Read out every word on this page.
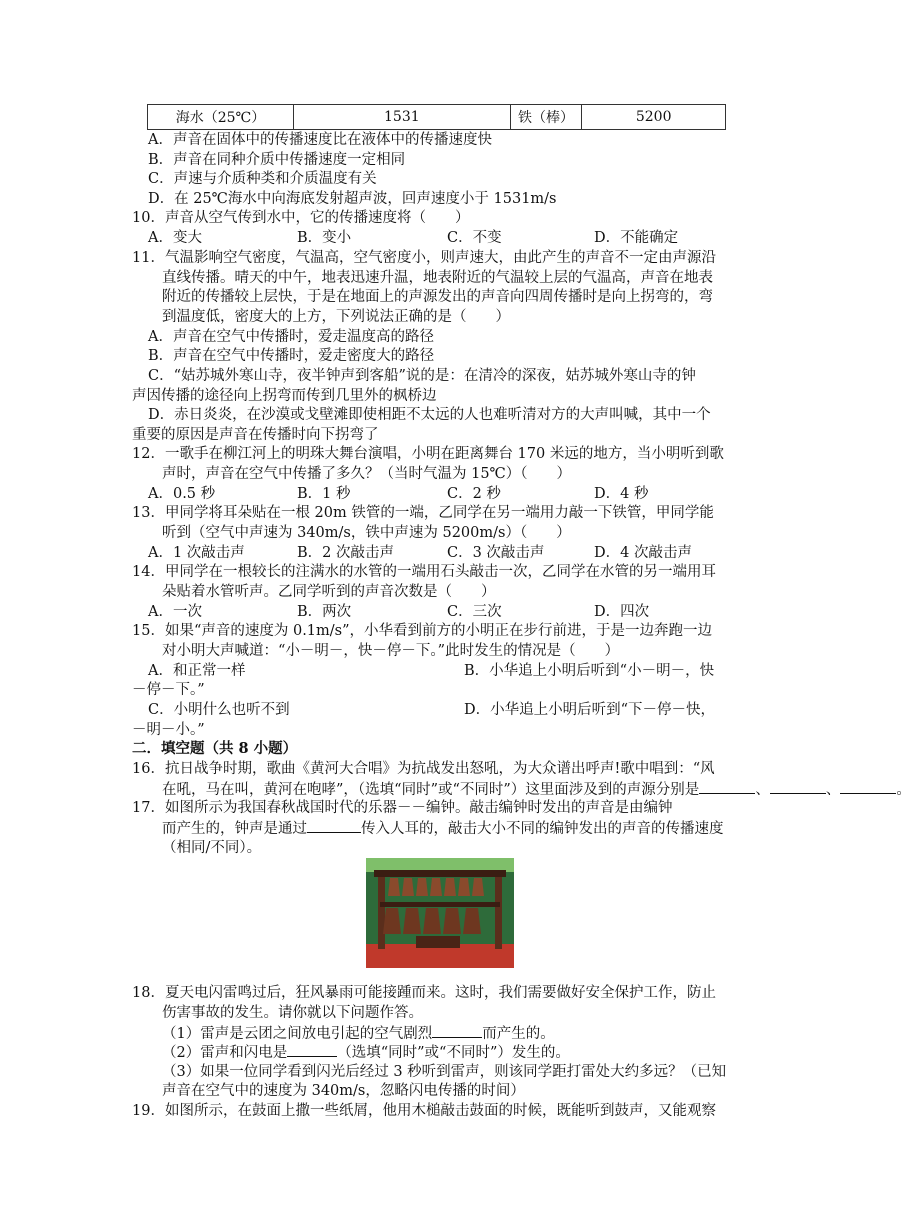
海水（25℃）	1531	铁（棒）	5200
A．声音在固体中的传播速度比在液体中的传播速度快
B．声音在同种介质中传播速度一定相同
C．声速与介质种类和介质温度有关
D．在 25℃海水中向海底发射超声波，回声速度小于 1531m/s
10．声音从空气传到水中，它的传播速度将（　　）
A．变大	B．变小	C．不变	D．不能确定
11．气温影响空气密度，气温高，空气密度小，则声速大，由此产生的声音不一定由声源沿
直线传播。晴天的中午，地表迅速升温，地表附近的气温较上层的气温高，声音在地表
附近的传播较上层快，于是在地面上的声源发出的声音向四周传播时是向上拐弯的，弯
到温度低，密度大的上方，下列说法正确的是（　　）
A．声音在空气中传播时，爱走温度高的路径
B．声音在空气中传播时，爱走密度大的路径
C．“姑苏城外寒山寺，夜半钟声到客船”说的是：在清冷的深夜，姑苏城外寒山寺的钟
声因传播的途径向上拐弯而传到几里外的枫桥边
D．赤日炎炎，在沙漠或戈壁滩即使相距不太远的人也难听清对方的大声叫喊，其中一个
重要的原因是声音在传播时向下拐弯了
12．一歌手在柳江河上的明珠大舞台演唱，小明在距离舞台 170 米远的地方，当小明听到歌
声时，声音在空气中传播了多久？（当时气温为 15℃）（　　）
A．0.5 秒	B．1 秒	C．2 秒	D．4 秒
13．甲同学将耳朵贴在一根 20m 铁管的一端，乙同学在另一端用力敲一下铁管，甲同学能
听到（空气中声速为 340m/s，铁中声速为 5200m/s）（　　）
A．1 次敲击声	B．2 次敲击声	C．3 次敲击声	D．4 次敲击声
14．甲同学在一根较长的注满水的水管的一端用石头敲击一次，乙同学在水管的另一端用耳
朵贴着水管听声。乙同学听到的声音次数是（　　）
A．一次	B．两次	C．三次	D．四次
15．如果“声音的速度为 0.1m/s”，小华看到前方的小明正在步行前进，于是一边奔跑一边
对小明大声喊道：“小－明－，快－停－下。”此时发生的情况是（　　）
A．和正常一样	B．小华追上小明后听到“小－明－，快
－停－下。”
C．小明什么也听不到	D．小华追上小明后听到“下－停－快，
－明－小。”
二．填空题（共 8 小题）
16．抗日战争时期，歌曲《黄河大合唱》为抗战发出怒吼，为大众谱出呼声!歌中唱到：“风
在吼，马在叫，黄河在咆哮”，（选填“同时”或“不同时”）这里面涉及到的声源分别是	、	、	。
17．如图所示为我国春秋战国时代的乐器－－编钟。敲击编钟时发出的声音是由编钟
而产生的，钟声是通过	传入人耳的，敲击大小不同的编钟发出的声音的传播速度
（相同/不同）。
18．夏天电闪雷鸣过后，狂风暴雨可能接踵而来。这时，我们需要做好安全保护工作，防止
伤害事故的发生。请你就以下问题作答。
（1）雷声是云团之间放电引起的空气剧烈	而产生的。
（2）雷声和闪电是	（选填“同时”或“不同时”）发生的。
（3）如果一位同学看到闪光后经过 3 秒听到雷声，则该同学距打雷处大约多远？（已知
声音在空气中的速度为 340m/s，忽略闪电传播的时间）
19．如图所示，在鼓面上撒一些纸屑，他用木槌敲击鼓面的时候，既能听到鼓声，又能观察
